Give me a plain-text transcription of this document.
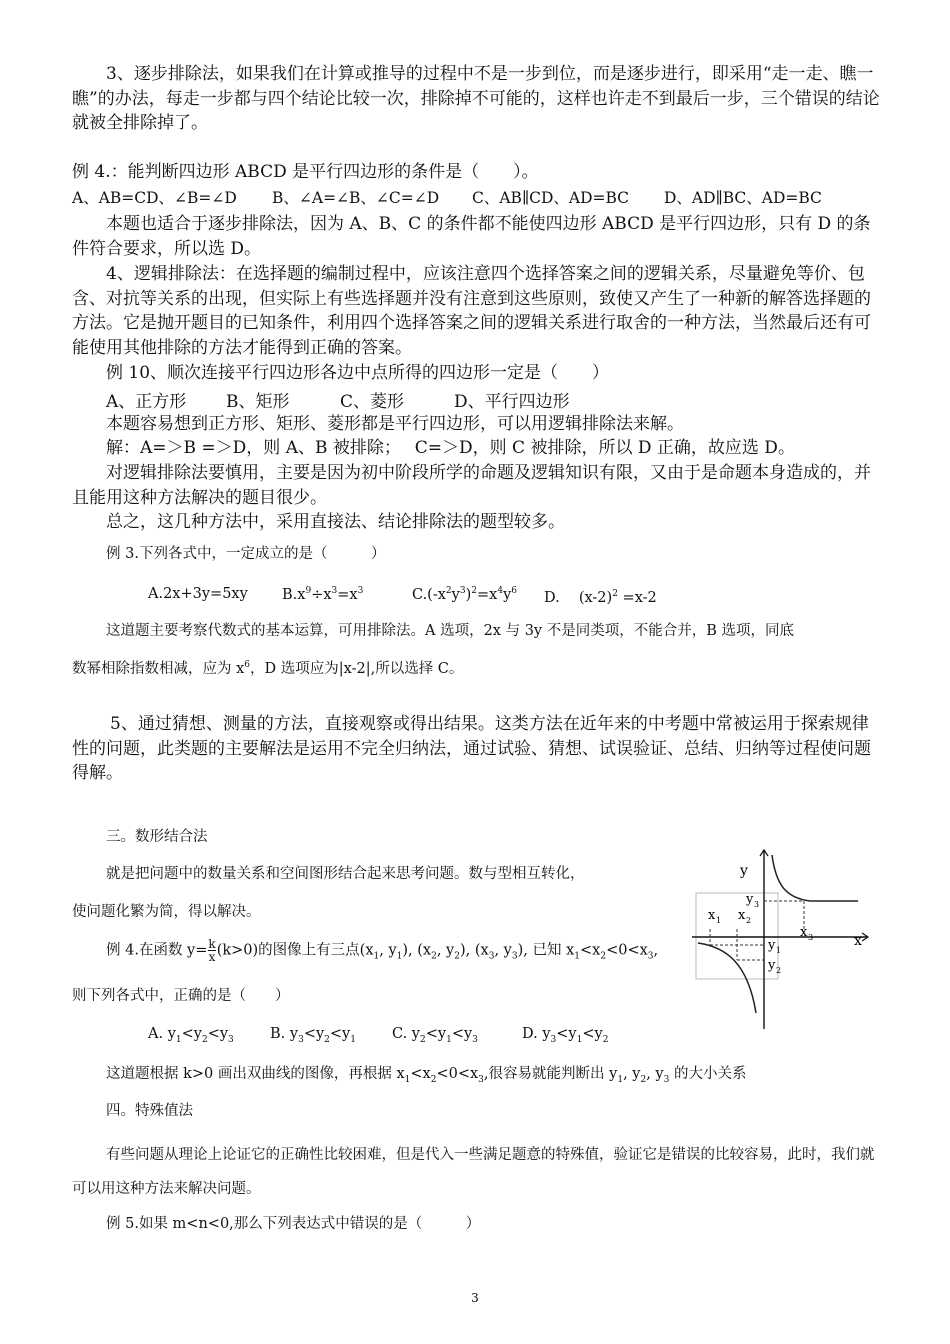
3、逐步排除法，如果我们在计算或推导的过程中不是一步到位，而是逐步进行，即采用“走一走、瞧一瞧”的办法，每走一步都与四个结论比较一次，排除掉不可能的，这样也许走不到最后一步，三个错误的结论就被全排除掉了。

例 4.：能判断四边形 ABCD 是平行四边形的条件是（　　）。

A、AB=CD、∠B=∠D B、∠A=∠B、∠C=∠D C、AB∥CD、AD=BC D、AD∥BC、AD=BC

本题也适合于逐步排除法，因为 A、B、C 的条件都不能使四边形 ABCD 是平行四边形，只有 D 的条件符合要求，所以选 D。

4、逻辑排除法：在选择题的编制过程中，应该注意四个选择答案之间的逻辑关系，尽量避免等价、包含、对抗等关系的出现，但实际上有些选择题并没有注意到这些原则，致使又产生了一种新的解答选择题的方法。它是抛开题目的已知条件，利用四个选择答案之间的逻辑关系进行取舍的一种方法，当然最后还有可能使用其他排除的方法才能得到正确的答案。

例 10、顺次连接平行四边形各边中点所得的四边形一定是（　　）

A、正方形 B、矩形	C、菱形	D、平行四边形

本题容易想到正方形、矩形、菱形都是平行四边形，可以用逻辑排除法来解。

解：A=＞B =＞D，则 A、B 被排除；　 C=＞D，则 C 被排除，所以 D 正确，故应选 D。

对逻辑排除法要慎用，主要是因为初中阶段所学的命题及逻辑知识有限，又由于是命题本身造成的，并且能用这种方法解决的题目很少。

总之，这几种方法中，采用直接法、结论排除法的题型较多。

例 3.下列各式中，一定成立的是（　　　）

A.2x+3y=5xy $B.x^9\div x^3=x^3$	$C.(-x^2y^3)^2=x^4y^6$ D.　 $(x-2)^2 =x-2$

这道题主要考察代数式的基本运算，可用排除法。A 选项，2x 与 3y 不是同类项，不能合并，B 选项，同底

数幂相除指数相减，应为 $x^6$，D 选项应为|x-2|,所以选择 C。

5、通过猜想、测量的方法，直接观察或得出结果。这类方法在近年来的中考题中常被运用于探索规律性的问题，此类题的主要解法是运用不完全归纳法，通过试验、猜想、试误验证、总结、归纳等过程使问题得解。

三。数形结合法

就是把问题中的数量关系和空间图形结合起来思考问题。数与型相互转化，

使问题化繁为简，得以解决。

例 4.在函数 $y= \frac{k}{x} (k>0)$的图像上有三点($x_1$, $y_1$), ($x_2$, $y_2$), ($x_3$, $y_3$), 已知 $x_1<x_2<0<x_3$,

则下列各式中，正确的是（　　）

A. $y_1<y_2<y_3$ B. $y_3<y_2<y_1$ C. $y_2<y_1<y_3$	D. $y_3<y_1<y_2$

这道题根据 k>0 画出双曲线的图像，再根据 $x_1<x_2<0<x_3$,很容易就能判断出 $y_1$, $y_2$, $y_3$ 的大小关系

四。特殊值法

有些问题从理论上论证它的正确性比较困难，但是代入一些满足题意的特殊值，验证它是错误的比较容易，此时，我们就可以用这种方法来解决问题。

例 5.如果 m<n<0,那么下列表达式中错误的是（　　　）

y
x
x 1 x 2
x 3
y 1
y 2
y 3
3
